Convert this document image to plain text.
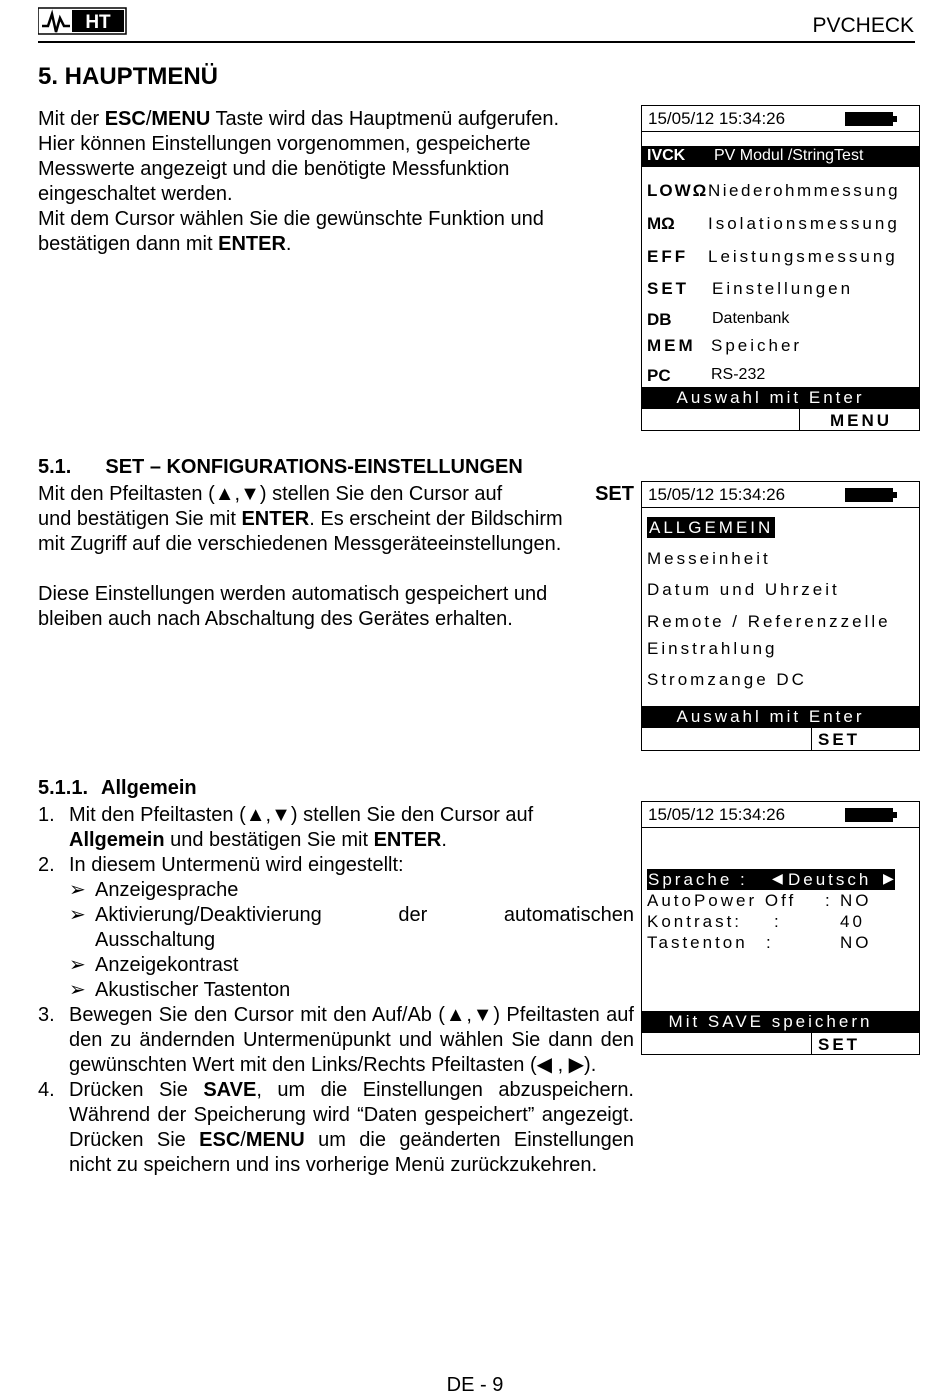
HT	PVCHECK
5. HAUPTMENÜ

Mit der ESC/MENU Taste wird das Hauptmenü aufgerufen.

Hier können Einstellungen vorgenommen, gespeicherte

Messwerte angezeigt und die benötigte Messfunktion

eingeschaltet werden.

Mit dem Cursor wählen Sie die gewünschte Funktion und

bestätigen dann mit ENTER.

15/05/12 15:34:26
IVCK PV Modul /StringTest
LOWΩ Niederohmmessung
MΩ Isolationsmessung
EFF Leistungsmessung
SET Einstellungen
DB	Datenbank
MEM Speicher
PC	RS-232
Auswahl mit Enter
MENU
5.1. SET – KONFIGURATIONS-EINSTELLUNGEN

Mit den Pfeiltasten (▲,▼) stellen Sie den Cursor auf	SET

und bestätigen Sie mit ENTER. Es erscheint der Bildschirm

mit Zugriff auf die verschiedenen Messgeräteeinstellungen.

Diese Einstellungen werden automatisch gespeichert und

bleiben auch nach Abschaltung des Gerätes erhalten.

15/05/12 15:34:26
ALLGEMEIN
Messeinheit
Datum und Uhrzeit
Remote / Referenzzelle
Einstrahlung
Stromzange DC
Auswahl mit Enter
SET
5.1.1. Allgemein
1. Mit den Pfeiltasten (▲,▼) stellen Sie den Cursor auf
Allgemein und bestätigen Sie mit ENTER.
2. In diesem Untermenü wird eingestellt:
➢ Anzeigesprache
➢ Aktivierung/Deaktivierung	der	automatischen
Ausschaltung
➢ Anzeigekontrast
➢ Akustischer Tastenton
3. Bewegen Sie den Cursor mit den Auf/Ab (▲,▼) Pfeiltasten auf den zu ändernden Untermenüpunkt und wählen Sie dann den gewünschten Wert mit den Links/Rechts Pfeiltasten (◀ , ▶).
4. Drücken Sie SAVE, um die Einstellungen abzuspeichern. Während der Speicherung wird “Daten gespeichert” angezeigt. Drücken Sie ESC/MENU um die geänderten Einstellungen nicht zu speichern und ins vorherige Menü zurückzukehren.
15/05/12 15:34:26
Sprache : ◀ Deutsch ▶
AutoPower Off : NO
Kontrast: :	40
Tastenton :	NO
Mit SAVE speichern
SET
DE - 9
